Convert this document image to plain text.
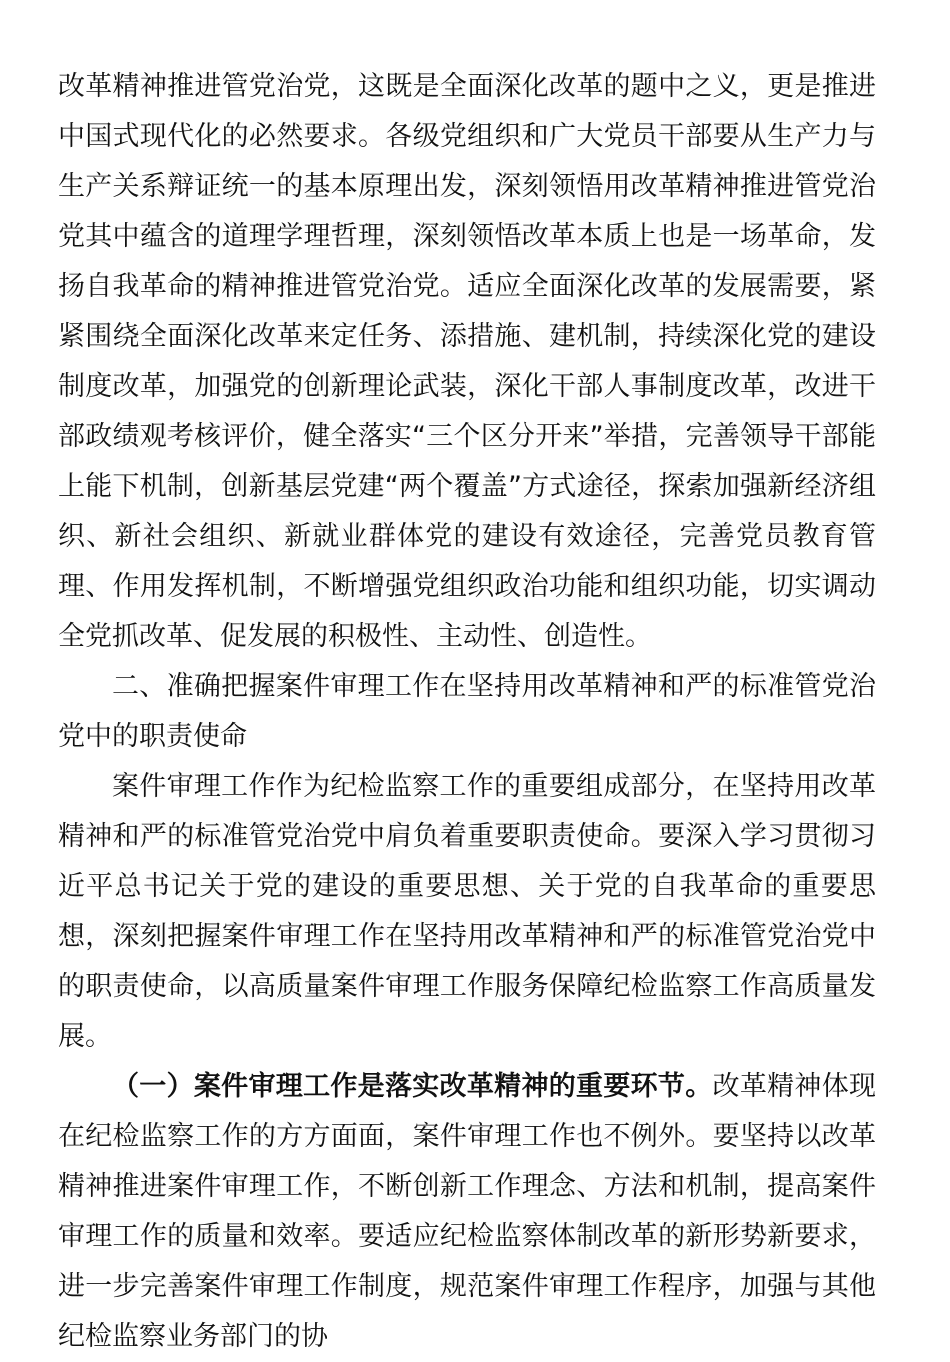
改革精神推进管党治党，这既是全面深化改革的题中之义，更是推进中国式现代化的必然要求。各级党组织和广大党员干部要从生产力与生产关系辩证统一的基本原理出发，深刻领悟用改革精神推进管党治党其中蕴含的道理学理哲理，深刻领悟改革本质上也是一场革命，发扬自我革命的精神推进管党治党。适应全面深化改革的发展需要，紧紧围绕全面深化改革来定任务、添措施、建机制，持续深化党的建设制度改革，加强党的创新理论武装，深化干部人事制度改革，改进干部政绩观考核评价，健全落实“三个区分开来”举措，完善领导干部能上能下机制，创新基层党建“两个覆盖”方式途径，探索加强新经济组织、新社会组织、新就业群体党的建设有效途径，完善党员教育管理、作用发挥机制，不断增强党组织政治功能和组织功能，切实调动全党抓改革、促发展的积极性、主动性、创造性。

二、准确把握案件审理工作在坚持用改革精神和严的标准管党治党中的职责使命

案件审理工作作为纪检监察工作的重要组成部分，在坚持用改革精神和严的标准管党治党中肩负着重要职责使命。要深入学习贯彻习近平总书记关于党的建设的重要思想、关于党的自我革命的重要思想，深刻把握案件审理工作在坚持用改革精神和严的标准管党治党中的职责使命，以高质量案件审理工作服务保障纪检监察工作高质量发展。

（一）案件审理工作是落实改革精神的重要环节。改革精神体现在纪检监察工作的方方面面，案件审理工作也不例外。要坚持以改革精神推进案件审理工作，不断创新工作理念、方法和机制，提高案件审理工作的质量和效率。要适应纪检监察体制改革的新形势新要求，进一步完善案件审理工作制度，规范案件审理工作程序，加强与其他纪检监察业务部门的协
